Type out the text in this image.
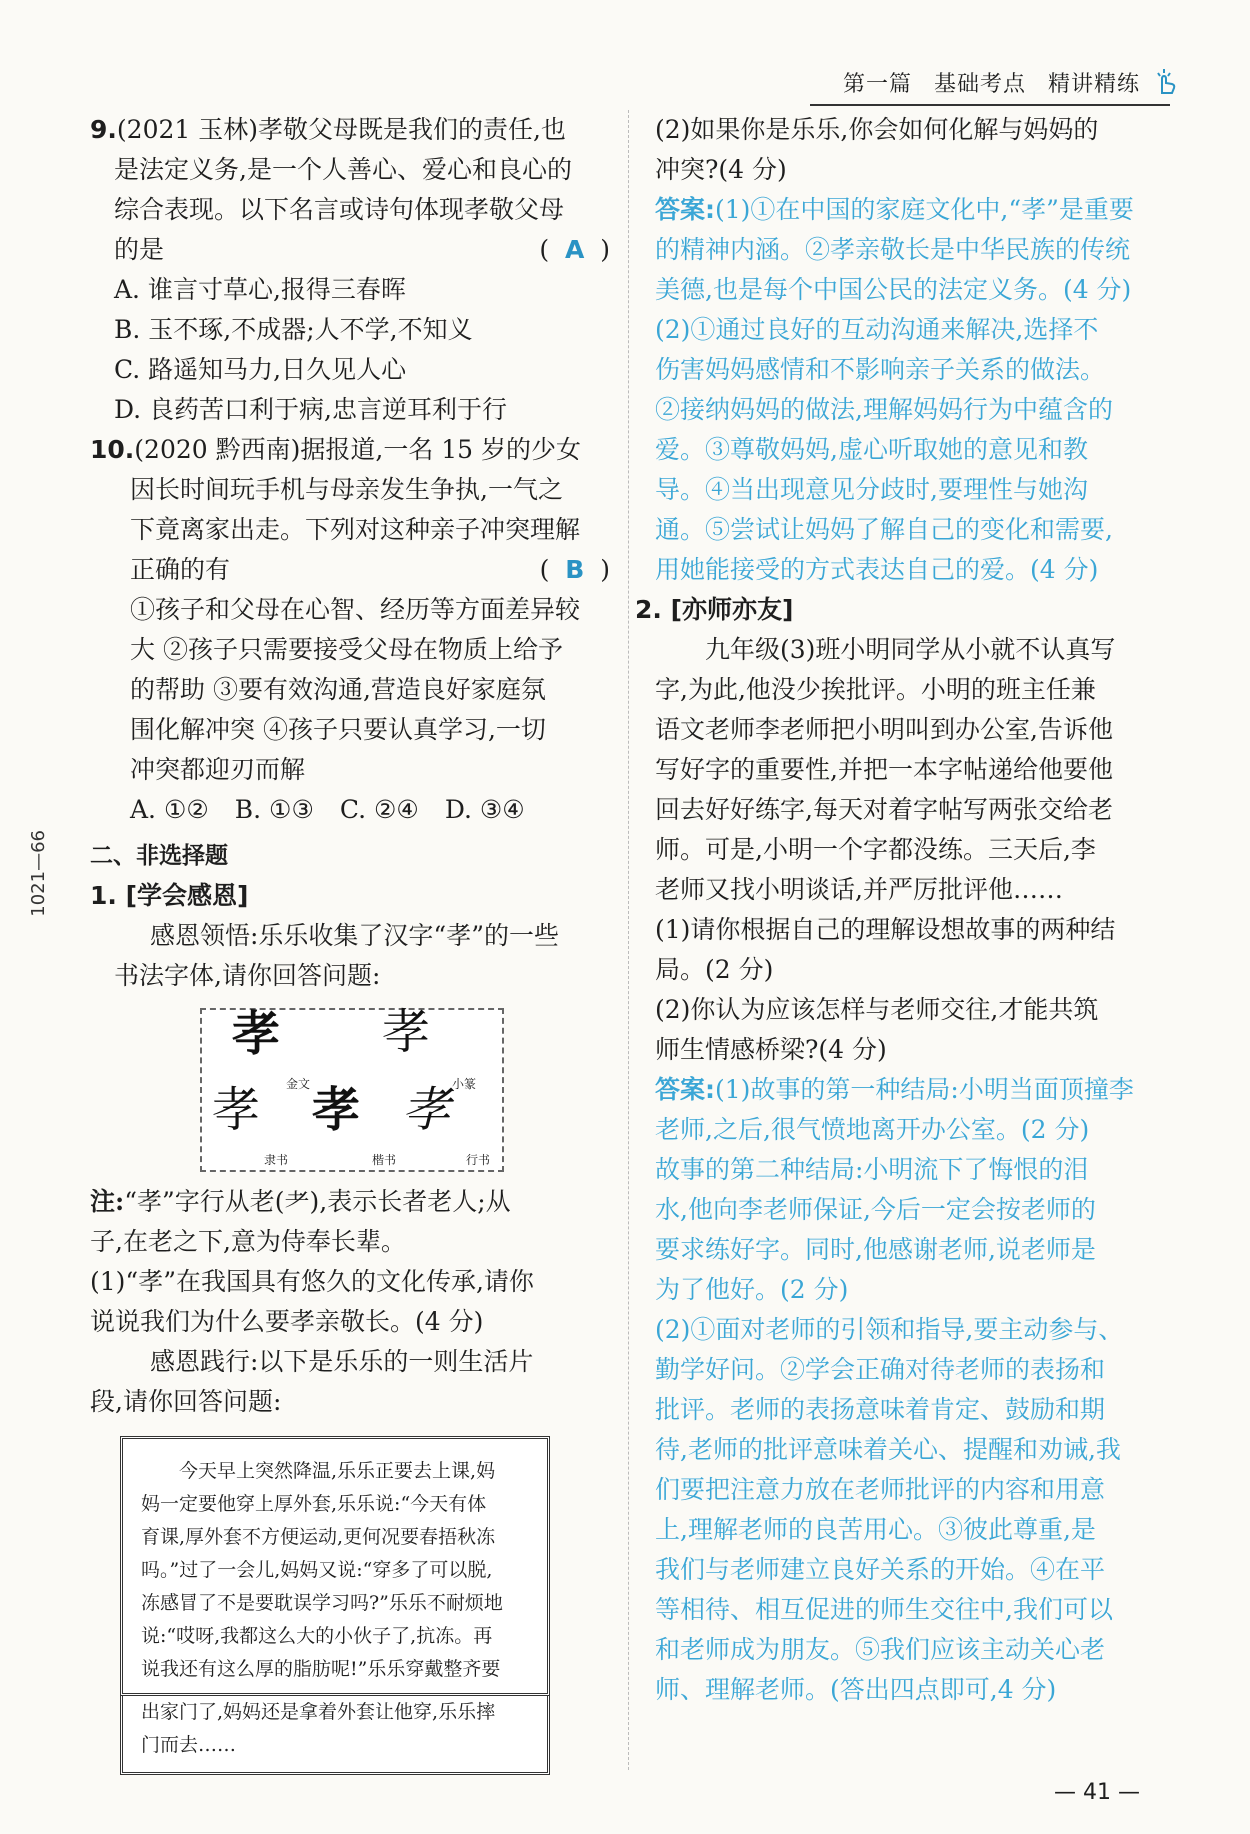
第一篇 基础考点 精讲精练
1021—66
9.(2021 玉林)孝敬父母既是我们的责任,也
是法定义务,是一个人善心、爱心和良心的
综合表现。以下名言或诗句体现孝敬父母
的是	(  A  )
A. 谁言寸草心,报得三春晖
B. 玉不琢,不成器;人不学,不知义
C. 路遥知马力,日久见人心
D. 良药苦口利于病,忠言逆耳利于行
10.(2020 黔西南)据报道,一名 15 岁的少女
因长时间玩手机与母亲发生争执,一气之
下竟离家出走。下列对这种亲子冲突理解
正确的有	(  B  )
①孩子和父母在心智、经历等方面差异较
大 ②孩子只需要接受父母在物质上给予
的帮助 ③要有效沟通,营造良好家庭氛
围化解冲突 ④孩子只要认真学习,一切
冲突都迎刃而解
A. ①② B. ①③ C. ②④ D. ③④
二、非选择题
1. [学会感恩]
感恩领悟:乐乐收集了汉字“孝”的一些
书法字体,请你回答问题:
孝
金文
孝
小篆
孝
隶书
孝
楷书
孝
行书
注:“孝”字行从老(耂),表示长者老人;从
子,在老之下,意为侍奉长辈。
(1)“孝”在我国具有悠久的文化传承,请你
说说我们为什么要孝亲敬长。(4 分)
感恩践行:以下是乐乐的一则生活片
段,请你回答问题:
今天早上突然降温,乐乐正要去上课,妈
妈一定要他穿上厚外套,乐乐说:“今天有体
育课,厚外套不方便运动,更何况要春捂秋冻
吗。”过了一会儿,妈妈又说:“穿多了可以脱,
冻感冒了不是要耽误学习吗?”乐乐不耐烦地
说:“哎呀,我都这么大的小伙子了,抗冻。再
说我还有这么厚的脂肪呢!”乐乐穿戴整齐要
出家门了,妈妈还是拿着外套让他穿,乐乐摔
门而去……
(2)如果你是乐乐,你会如何化解与妈妈的
冲突?(4 分)
答案:(1)①在中国的家庭文化中,“孝”是重要
的精神内涵。②孝亲敬长是中华民族的传统
美德,也是每个中国公民的法定义务。(4 分)
(2)①通过良好的互动沟通来解决,选择不
伤害妈妈感情和不影响亲子关系的做法。
②接纳妈妈的做法,理解妈妈行为中蕴含的
爱。③尊敬妈妈,虚心听取她的意见和教
导。④当出现意见分歧时,要理性与她沟
通。⑤尝试让妈妈了解自己的变化和需要,
用她能接受的方式表达自己的爱。(4 分)
2. [亦师亦友]
九年级(3)班小明同学从小就不认真写
字,为此,他没少挨批评。小明的班主任兼
语文老师李老师把小明叫到办公室,告诉他
写好字的重要性,并把一本字帖递给他要他
回去好好练字,每天对着字帖写两张交给老
师。可是,小明一个字都没练。三天后,李
老师又找小明谈话,并严厉批评他……
(1)请你根据自己的理解设想故事的两种结
局。(2 分)
(2)你认为应该怎样与老师交往,才能共筑
师生情感桥梁?(4 分)
答案:(1)故事的第一种结局:小明当面顶撞李
老师,之后,很气愤地离开办公室。(2 分)
故事的第二种结局:小明流下了悔恨的泪
水,他向李老师保证,今后一定会按老师的
要求练好字。同时,他感谢老师,说老师是
为了他好。(2 分)
(2)①面对老师的引领和指导,要主动参与、
勤学好问。②学会正确对待老师的表扬和
批评。老师的表扬意味着肯定、鼓励和期
待,老师的批评意味着关心、提醒和劝诫,我
们要把注意力放在老师批评的内容和用意
上,理解老师的良苦用心。③彼此尊重,是
我们与老师建立良好关系的开始。④在平
等相待、相互促进的师生交往中,我们可以
和老师成为朋友。⑤我们应该主动关心老
师、理解老师。(答出四点即可,4 分)
— 41 —
